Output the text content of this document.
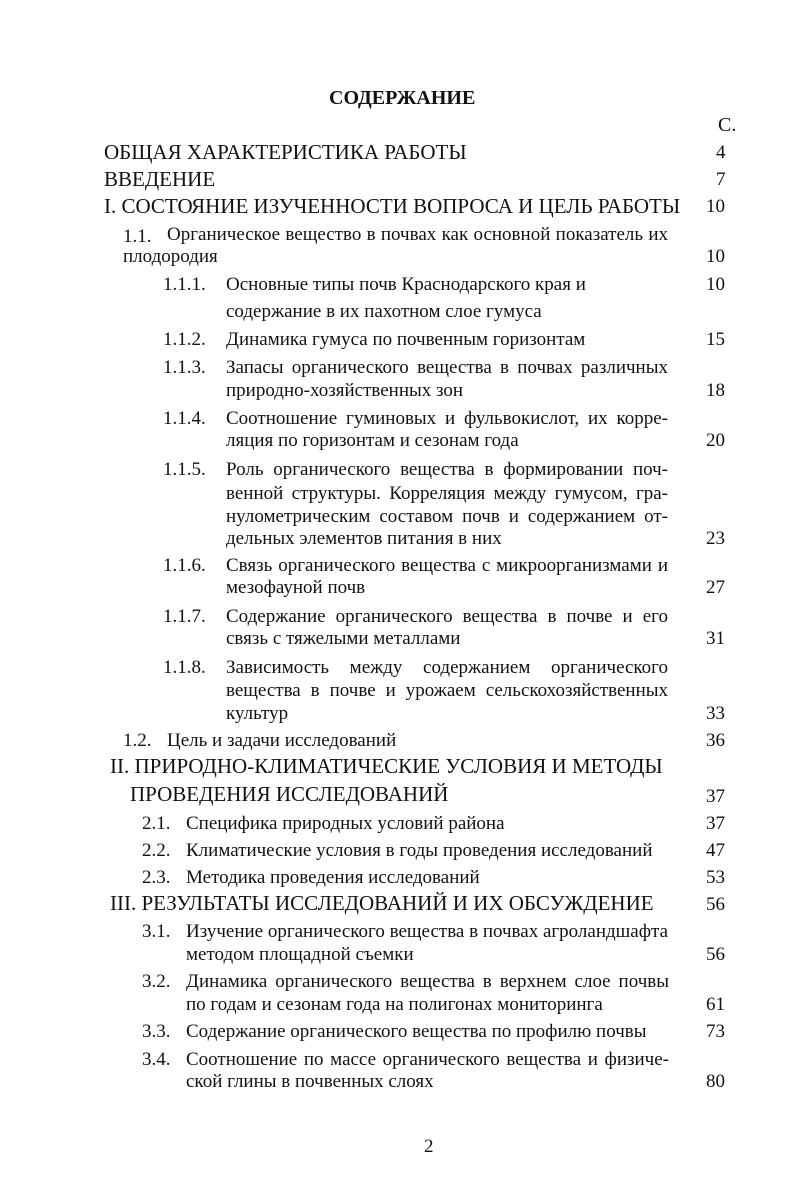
СОДЕРЖАНИЕ
С.
ОБЩАЯ ХАРАКТЕРИСТИКА РАБОТЫ	4
ВВЕДЕНИЕ	7
I. СОСТОЯНИЕ ИЗУЧЕННОСТИ ВОПРОСА И ЦЕЛЬ РАБОТЫ 10
1.1. Органическое вещество в почвах как основной показатель их
плодородия	10
1.1.1. Основные типы почв Краснодарского края и
содержание в их пахотном слое гумуса
10
1.1.2. Динамика гумуса по почвенным горизонтам	15
1.1.3. Запасы органического вещества в почвах различных
природно-хозяйственных зон	18
1.1.4. Соотношение гуминовых и фульвокислот, их корре-
ляция по горизонтам и сезонам года	20
1.1.5. Роль органического вещества в формировании поч-
венной структуры. Корреляция между гумусом, гра-
нулометрическим составом почв и содержанием от-
дельных элементов питания в них	23
1.1.6. Связь органического вещества с микроорганизмами и
мезофауной почв	27
1.1.7. Содержание органического вещества в почве и его
связь с тяжелыми металлами	31
1.1.8. Зависимость между содержанием органического
вещества в почве и урожаем сельскохозяйственных
культур	33
1.2. Цель и задачи исследований	36
II. ПРИРОДНО-КЛИМАТИЧЕСКИЕ УСЛОВИЯ И МЕТОДЫ
ПРОВЕДЕНИЯ ИССЛЕДОВАНИЙ	37
2.1. Специфика природных условий района	37
2.2. Климатические условия в годы проведения исследований	47
2.3. Методика проведения исследований	53
III. РЕЗУЛЬТАТЫ ИССЛЕДОВАНИЙ И ИХ ОБСУЖДЕНИЕ	56
3.1. Изучение органического вещества в почвах агроландшафта
методом площадной съемки	56
3.2. Динамика органического вещества в верхнем слое почвы
по годам и сезонам года на полигонах мониторинга	61
3.3. Содержание органического вещества по профилю почвы	73
3.4. Соотношение по массе органического вещества и физиче-
ской глины в почвенных слоях	80
2
